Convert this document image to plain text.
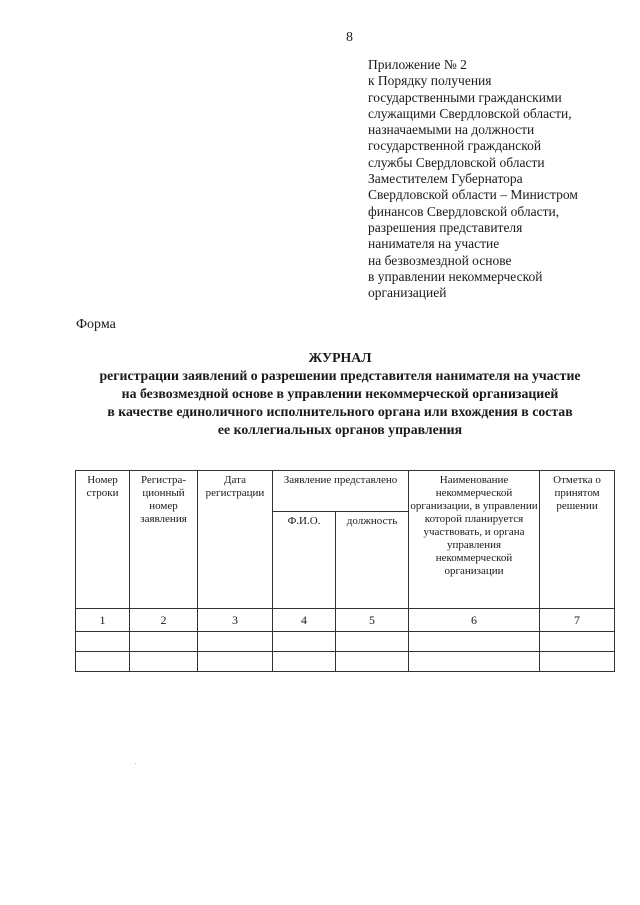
8
Приложение № 2
к Порядку получения
государственными гражданскими
служащими Свердловской области,
назначаемыми на должности
государственной гражданской
службы Свердловской области
Заместителем Губернатора
Свердловской области – Министром
финансов Свердловской области,
разрешения представителя
нанимателя на участие
на безвозмездной основе
в управлении некоммерческой
организацией
Форма
ЖУРНАЛ
регистрации заявлений о разрешении представителя нанимателя на участие
на безвозмездной основе в управлении некоммерческой организацией
в качестве единоличного исполнительного органа или вхождения в состав
ее коллегиальных органов управления
Номер строки	Регистра-ционный номер заявления	Дата регистрации	Заявление представлено		Наименование некоммерческой организации, в управлении которой планируется участвовать, и органа управления некоммерческой организации	Отметка о принятом решении
			Ф.И.О.	должность		
1	2	3	4	5	6	7
